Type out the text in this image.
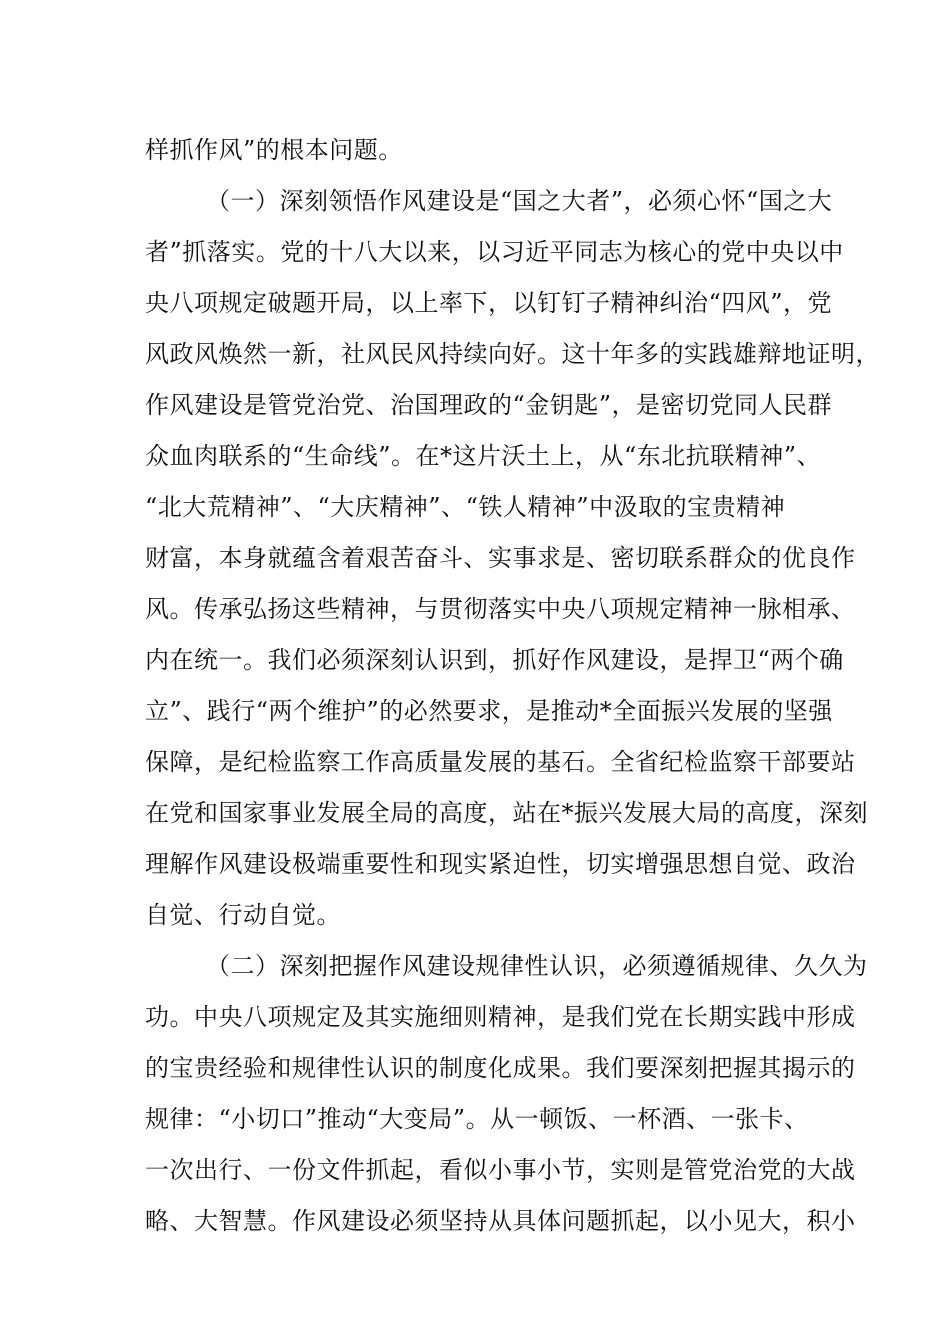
样抓作风”的根本问题。
（一）深刻领悟作风建设是“国之大者”，必须心怀“国之大
者”抓落实。党的十八大以来，以习近平同志为核心的党中央以中
央八项规定破题开局，以上率下，以钉钉子精神纠治“四风”，党
风政风焕然一新，社风民风持续向好。这十年多的实践雄辩地证明，
作风建设是管党治党、治国理政的“金钥匙”，是密切党同人民群
众血肉联系的“生命线”。在*这片沃土上，从“东北抗联精神”、
“北大荒精神”、“大庆精神”、“铁人精神”中汲取的宝贵精神
财富，本身就蕴含着艰苦奋斗、实事求是、密切联系群众的优良作
风。传承弘扬这些精神，与贯彻落实中央八项规定精神一脉相承、
内在统一。我们必须深刻认识到，抓好作风建设，是捍卫“两个确
立”、践行“两个维护”的必然要求，是推动*全面振兴发展的坚强
保障，是纪检监察工作高质量发展的基石。全省纪检监察干部要站
在党和国家事业发展全局的高度，站在*振兴发展大局的高度，深刻
理解作风建设极端重要性和现实紧迫性，切实增强思想自觉、政治
自觉、行动自觉。
（二）深刻把握作风建设规律性认识，必须遵循规律、久久为
功。中央八项规定及其实施细则精神，是我们党在长期实践中形成
的宝贵经验和规律性认识的制度化成果。我们要深刻把握其揭示的
规律：“小切口”推动“大变局”。从一顿饭、一杯酒、一张卡、
一次出行、一份文件抓起，看似小事小节，实则是管党治党的大战
略、大智慧。作风建设必须坚持从具体问题抓起，以小见大，积小
